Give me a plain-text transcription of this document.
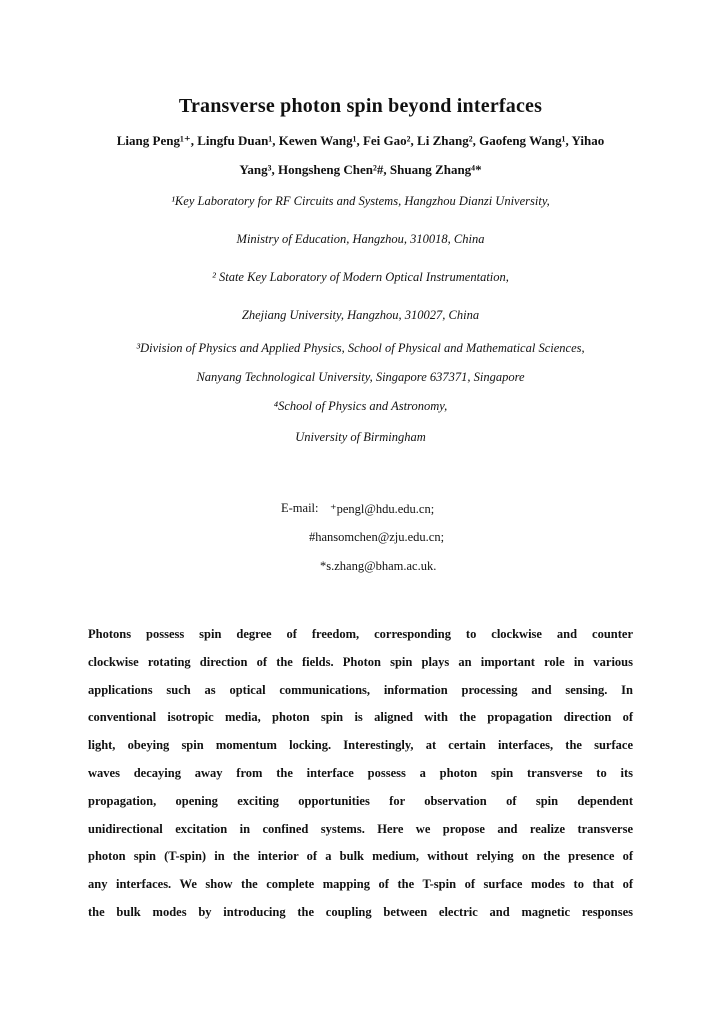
Transverse photon spin beyond interfaces
Liang Peng¹⁺, Lingfu Duan¹, Kewen Wang¹, Fei Gao², Li Zhang², Gaofeng Wang¹, Yihao
Yang³, Hongsheng Chen²#, Shuang Zhang⁴*
¹Key Laboratory for RF Circuits and Systems, Hangzhou Dianzi University,
Ministry of Education, Hangzhou, 310018, China
² State Key Laboratory of Modern Optical Instrumentation,
Zhejiang University, Hangzhou, 310027, China
³Division of Physics and Applied Physics, School of Physical and Mathematical Sciences,
Nanyang Technological University, Singapore 637371, Singapore
⁴School of Physics and Astronomy,
University of Birmingham
E-mail: ⁺pengl@hdu.edu.cn;
#hansomchen@zju.edu.cn;
*s.zhang@bham.ac.uk.
Photons possess spin degree of freedom, corresponding to clockwise and counter
clockwise rotating direction of the fields. Photon spin plays an important role in various
applications such as optical communications, information processing and sensing. In
conventional isotropic media, photon spin is aligned with the propagation direction of
light, obeying spin momentum locking. Interestingly, at certain interfaces, the surface
waves decaying away from the interface possess a photon spin transverse to its
propagation, opening exciting opportunities for observation of spin dependent
unidirectional excitation in confined systems. Here we propose and realize transverse
photon spin (T-spin) in the interior of a bulk medium, without relying on the presence of
any interfaces. We show the complete mapping of the T-spin of surface modes to that of
the bulk modes by introducing the coupling between electric and magnetic responses
